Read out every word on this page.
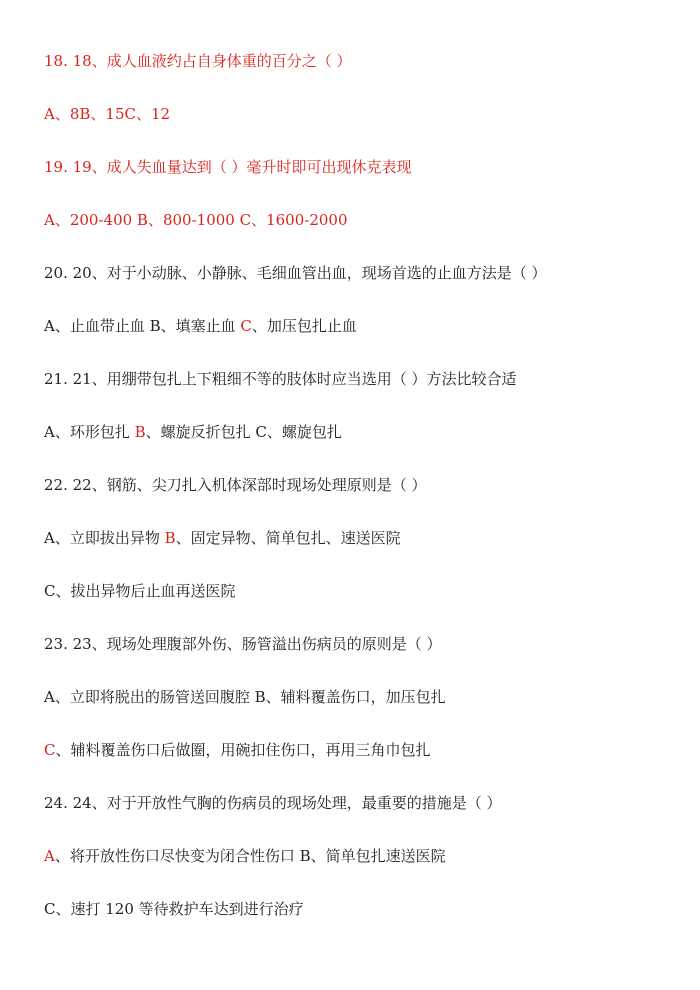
18. 18、成人血液约占自身体重的百分之（ ）
A、8B、15C、12
19. 19、成人失血量达到（ ）毫升时即可出现休克表现
A、200-400 B、800-1000 C、1600-2000
20. 20、对于小动脉、小静脉、毛细血管出血，现场首选的止血方法是（ ）
A、止血带止血 B、填塞止血 C、加压包扎止血
21. 21、用绷带包扎上下粗细不等的肢体时应当选用（ ）方法比较合适
A、环形包扎 B、螺旋反折包扎 C、螺旋包扎
22. 22、钢筋、尖刀扎入机体深部时现场处理原则是（ ）
A、立即拔出异物 B、固定异物、简单包扎、速送医院
C、拔出异物后止血再送医院
23. 23、现场处理腹部外伤、肠管溢出伤病员的原则是（ ）
A、立即将脱出的肠管送回腹腔 B、辅料覆盖伤口，加压包扎
C、辅料覆盖伤口后做圈，用碗扣住伤口，再用三角巾包扎
24. 24、对于开放性气胸的伤病员的现场处理，最重要的措施是（ ）
A、将开放性伤口尽快变为闭合性伤口 B、简单包扎速送医院
C、速打 120 等待救护车达到进行治疗
